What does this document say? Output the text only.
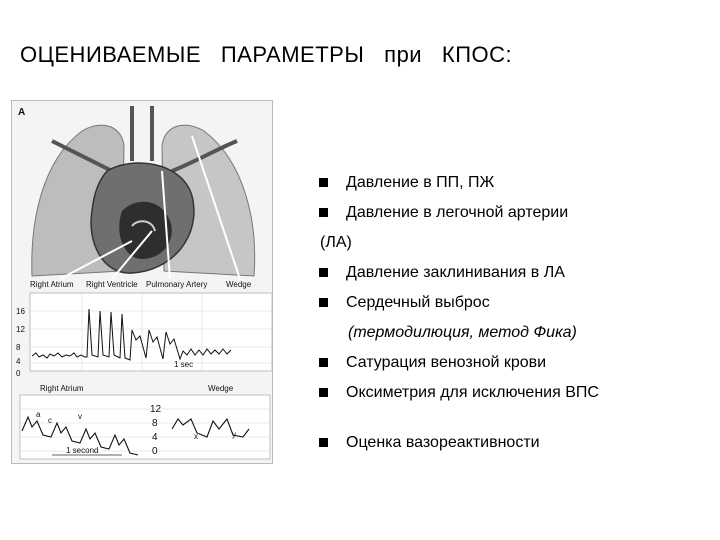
ОЦЕНИВАЕМЫЕ   ПАРАМЕТРЫ   при   КПОС:
A
Right Atrium Right Ventricle Pulmonary Artery Wedge
16
12
8
4
0
1 sec
Right Atrium	Wedge
12
8
4
0
a
c	v
x	y
1 second
Давление в ПП, ПЖ
Давление в легочной артерии
(ЛА)
Давление заклинивания в ЛА
Сердечный выброс
(термодилюция, метод Фика)
Сатурация венозной крови
Оксиметрия для исключения ВПС
Оценка вазореактивности
